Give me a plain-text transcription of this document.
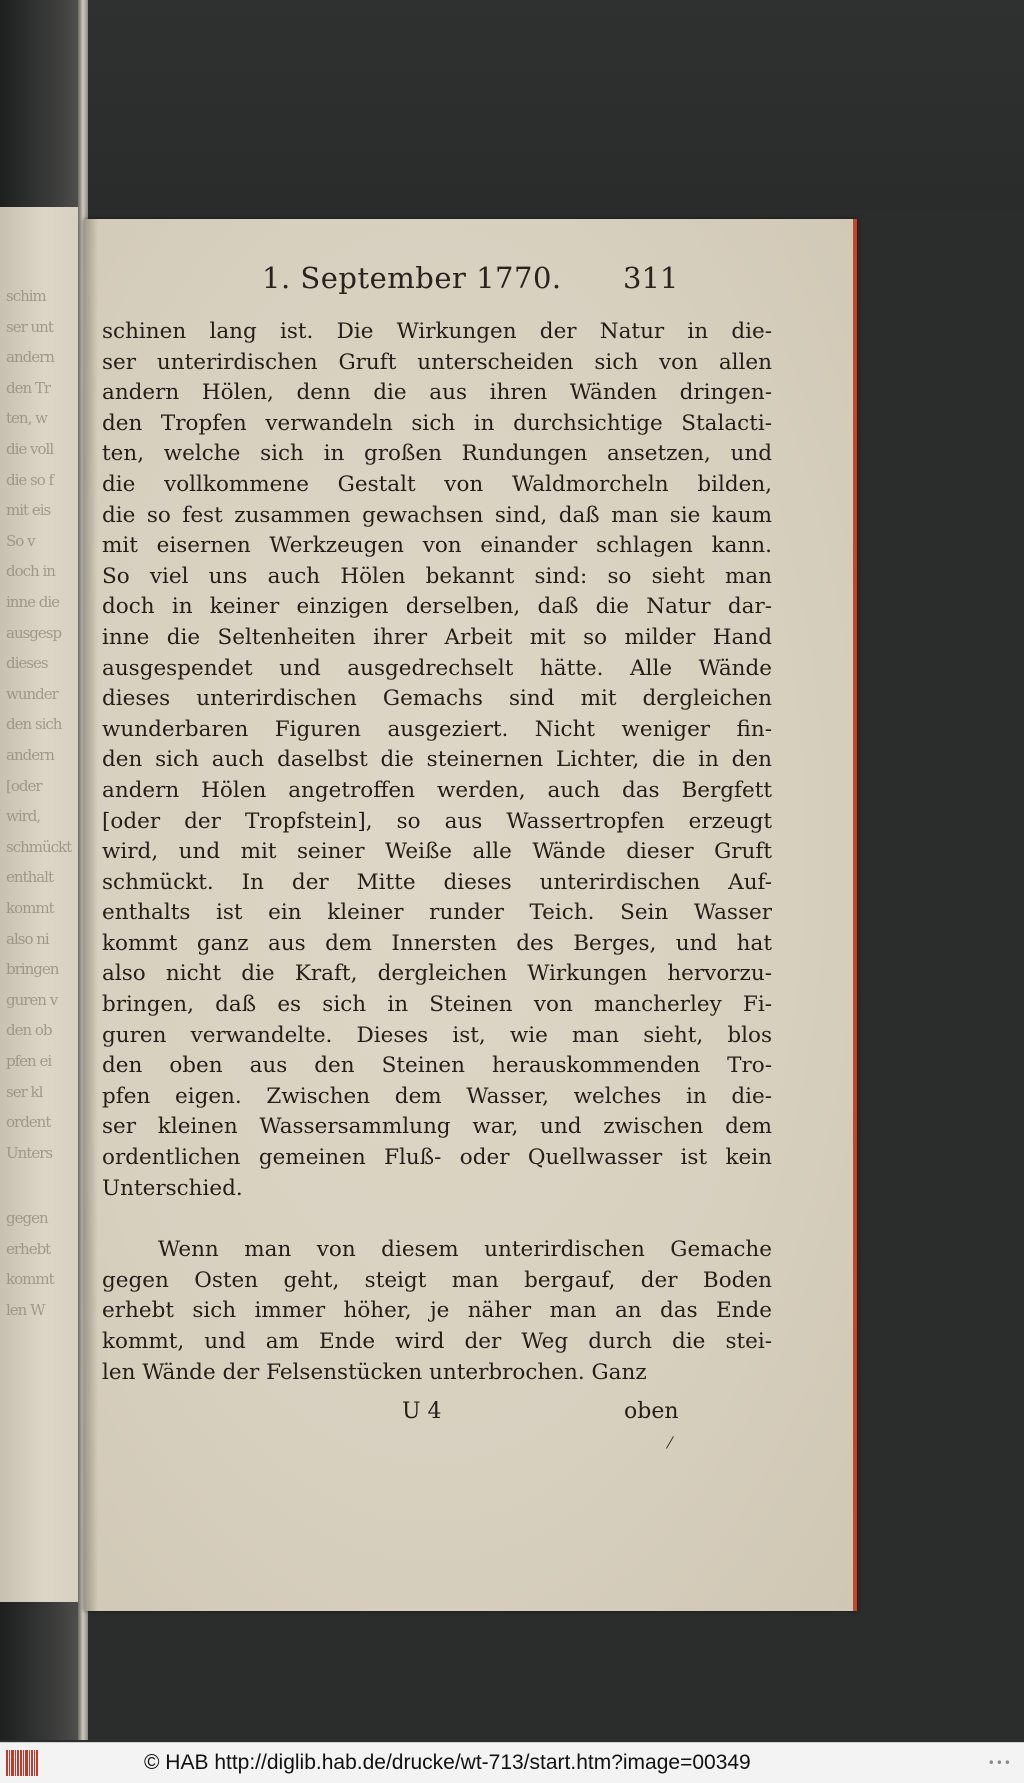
schim
ser unt
andern
den Tr
ten, w
die voll
die so f
mit eis
So v
doch in
inne die
ausgesp
dieses
wunder
den sich
andern
[oder
wird,
schmückt
enthalt
kommt
also ni
bringen
guren v
den ob
pfen ei
ser kl
ordent
Unters
gegen
erhebt
kommt
len W
1. September 1770. 311
schinen lang ist. Die Wirkungen der Natur in die-
ser unterirdischen Gruft unterscheiden sich von allen
andern Hölen, denn die aus ihren Wänden dringen-
den Tropfen verwandeln sich in durchsichtige Stalacti-
ten, welche sich in großen Rundungen ansetzen, und
die vollkommene Gestalt von Waldmorcheln bilden,
die so fest zusammen gewachsen sind, daß man sie kaum
mit eisernen Werkzeugen von einander schlagen kann.
So viel uns auch Hölen bekannt sind: so sieht man
doch in keiner einzigen derselben, daß die Natur dar-
inne die Seltenheiten ihrer Arbeit mit so milder Hand
ausgespendet und ausgedrechselt hätte. Alle Wände
dieses unterirdischen Gemachs sind mit dergleichen
wunderbaren Figuren ausgeziert. Nicht weniger fin-
den sich auch daselbst die steinernen Lichter, die in den
andern Hölen angetroffen werden, auch das Bergfett
[oder der Tropfstein], so aus Wassertropfen erzeugt
wird, und mit seiner Weiße alle Wände dieser Gruft
schmückt. In der Mitte dieses unterirdischen Auf-
enthalts ist ein kleiner runder Teich. Sein Wasser
kommt ganz aus dem Innersten des Berges, und hat
also nicht die Kraft, dergleichen Wirkungen hervorzu-
bringen, daß es sich in Steinen von mancherley Fi-
guren verwandelte. Dieses ist, wie man sieht, blos
den oben aus den Steinen herauskommenden Tro-
pfen eigen. Zwischen dem Wasser, welches in die-
ser kleinen Wassersammlung war, und zwischen dem
ordentlichen gemeinen Fluß- oder Quellwasser ist kein
Unterschied.
Wenn man von diesem unterirdischen Gemache
gegen Osten geht, steigt man bergauf, der Boden
erhebt sich immer höher, je näher man an das Ende
kommt, und am Ende wird der Weg durch die stei-
len Wände der Felsenstücken unterbrochen. Ganz
U 4	oben
© HAB http://diglib.hab.de/drucke/wt-713/start.htm?image=00349	•••
